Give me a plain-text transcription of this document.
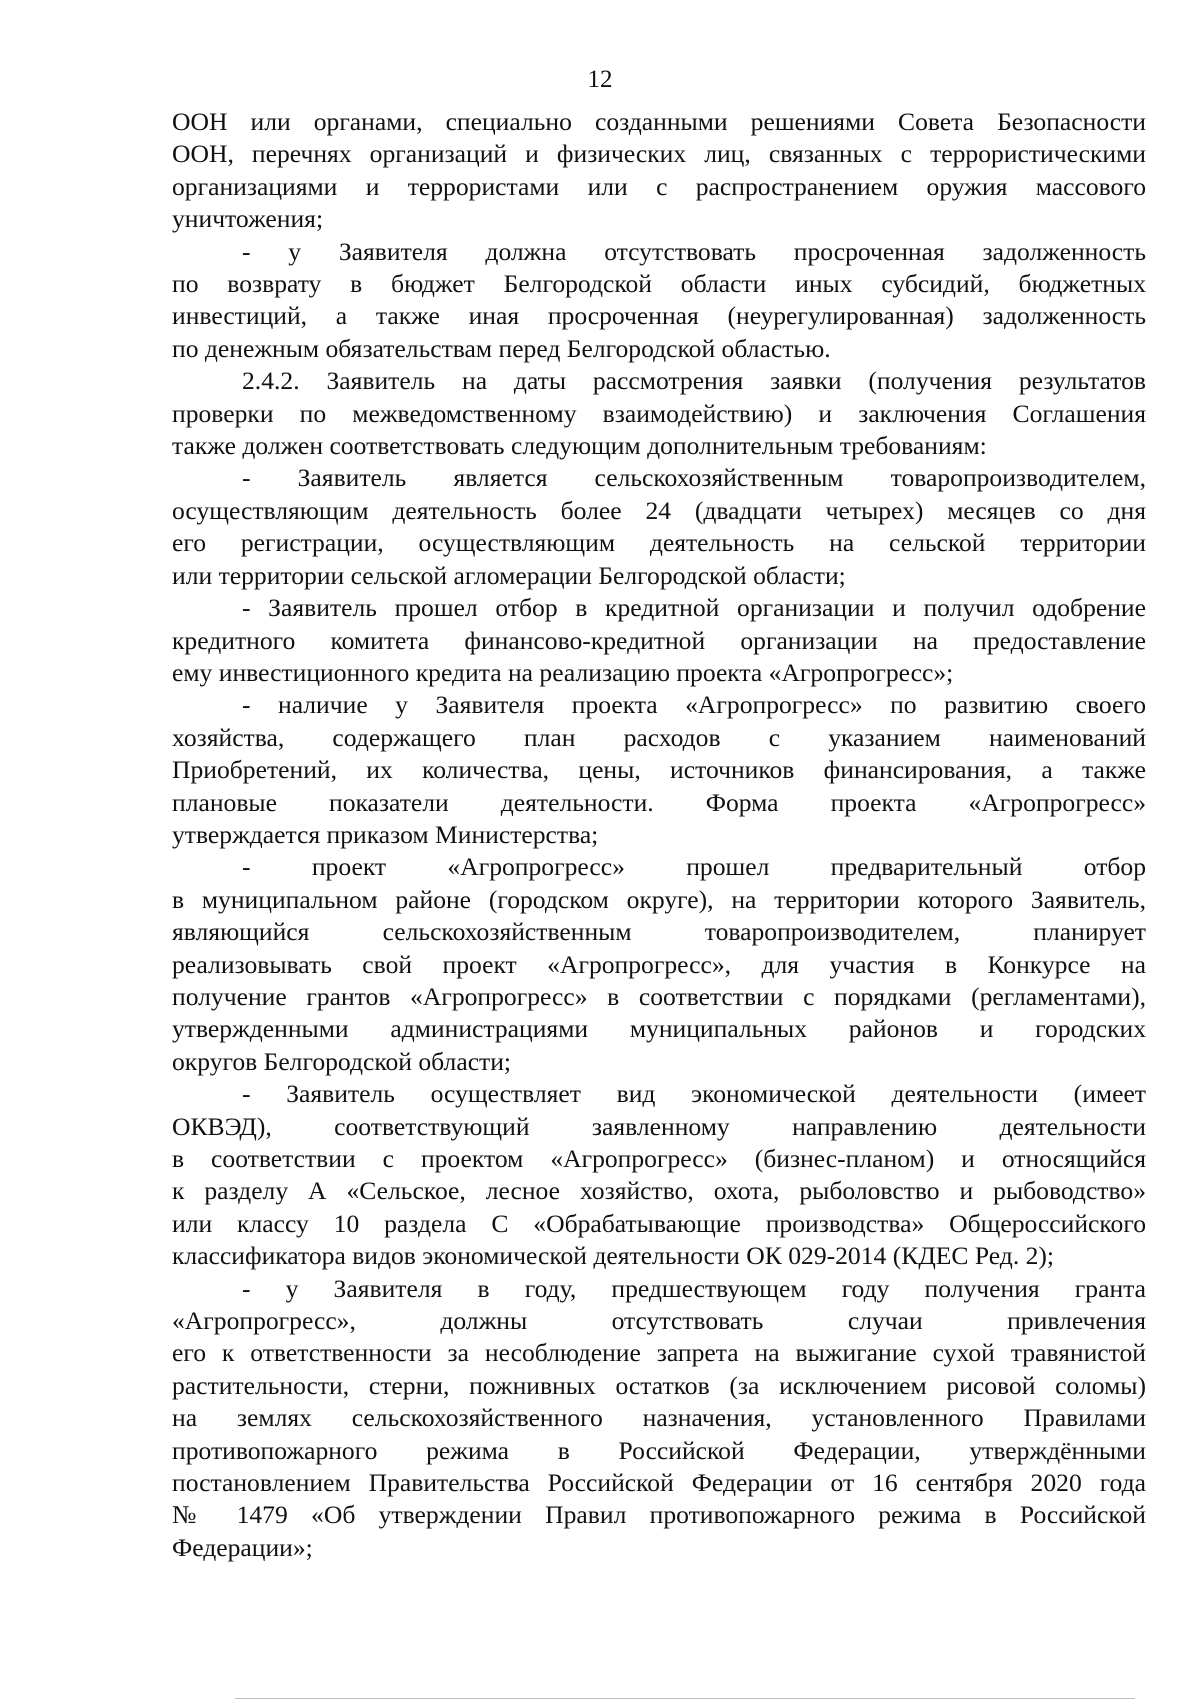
12
ООН или органами, специально созданными решениями Совета Безопасности
ООН, перечнях организаций и физических лиц, связанных с террористическими
организациями и террористами или с распространением оружия массового
уничтожения;
- у Заявителя должна отсутствовать просроченная задолженность
по возврату в бюджет Белгородской области иных субсидий, бюджетных
инвестиций, а также иная просроченная (неурегулированная) задолженность
по денежным обязательствам перед Белгородской областью.
2.4.2. Заявитель на даты рассмотрения заявки (получения результатов
проверки по межведомственному взаимодействию) и заключения Соглашения
также должен соответствовать следующим дополнительным требованиям:
- Заявитель является сельскохозяйственным товаропроизводителем,
осуществляющим деятельность более 24 (двадцати четырех) месяцев со дня
его регистрации, осуществляющим деятельность на сельской территории
или территории сельской агломерации Белгородской области;
- Заявитель прошел отбор в кредитной организации и получил одобрение
кредитного комитета финансово-кредитной организации на предоставление
ему инвестиционного кредита на реализацию проекта «Агропрогресс»;
- наличие у Заявителя проекта «Агропрогресс» по развитию своего
хозяйства, содержащего план расходов с указанием наименований
Приобретений, их количества, цены, источников финансирования, а также
плановые показатели деятельности. Форма проекта «Агропрогресс»
утверждается приказом Министерства;
- проект «Агропрогресс» прошел предварительный отбор
в муниципальном районе (городском округе), на территории которого Заявитель,
являющийся сельскохозяйственным товаропроизводителем, планирует
реализовывать свой проект «Агропрогресс», для участия в Конкурсе на
получение грантов «Агропрогресс» в соответствии с порядками (регламентами),
утвержденными администрациями муниципальных районов и городских
округов Белгородской области;
- Заявитель осуществляет вид экономической деятельности (имеет
ОКВЭД), соответствующий заявленному направлению деятельности
в соответствии с проектом «Агропрогресс» (бизнес-планом) и относящийся
к разделу А «Сельское, лесное хозяйство, охота, рыболовство и рыбоводство»
или классу 10 раздела С «Обрабатывающие производства» Общероссийского
классификатора видов экономической деятельности ОК 029-2014 (КДЕС Ред. 2);
- у Заявителя в году, предшествующем году получения гранта
«Агропрогресс», должны отсутствовать случаи привлечения
его к ответственности за несоблюдение запрета на выжигание сухой травянистой
растительности, стерни, пожнивных остатков (за исключением рисовой соломы)
на землях сельскохозяйственного назначения, установленного Правилами
противопожарного режима в Российской Федерации, утверждёнными
постановлением Правительства Российской Федерации от 16 сентября 2020 года
№ 1479 «Об утверждении Правил противопожарного режима в Российской
Федерации»;
